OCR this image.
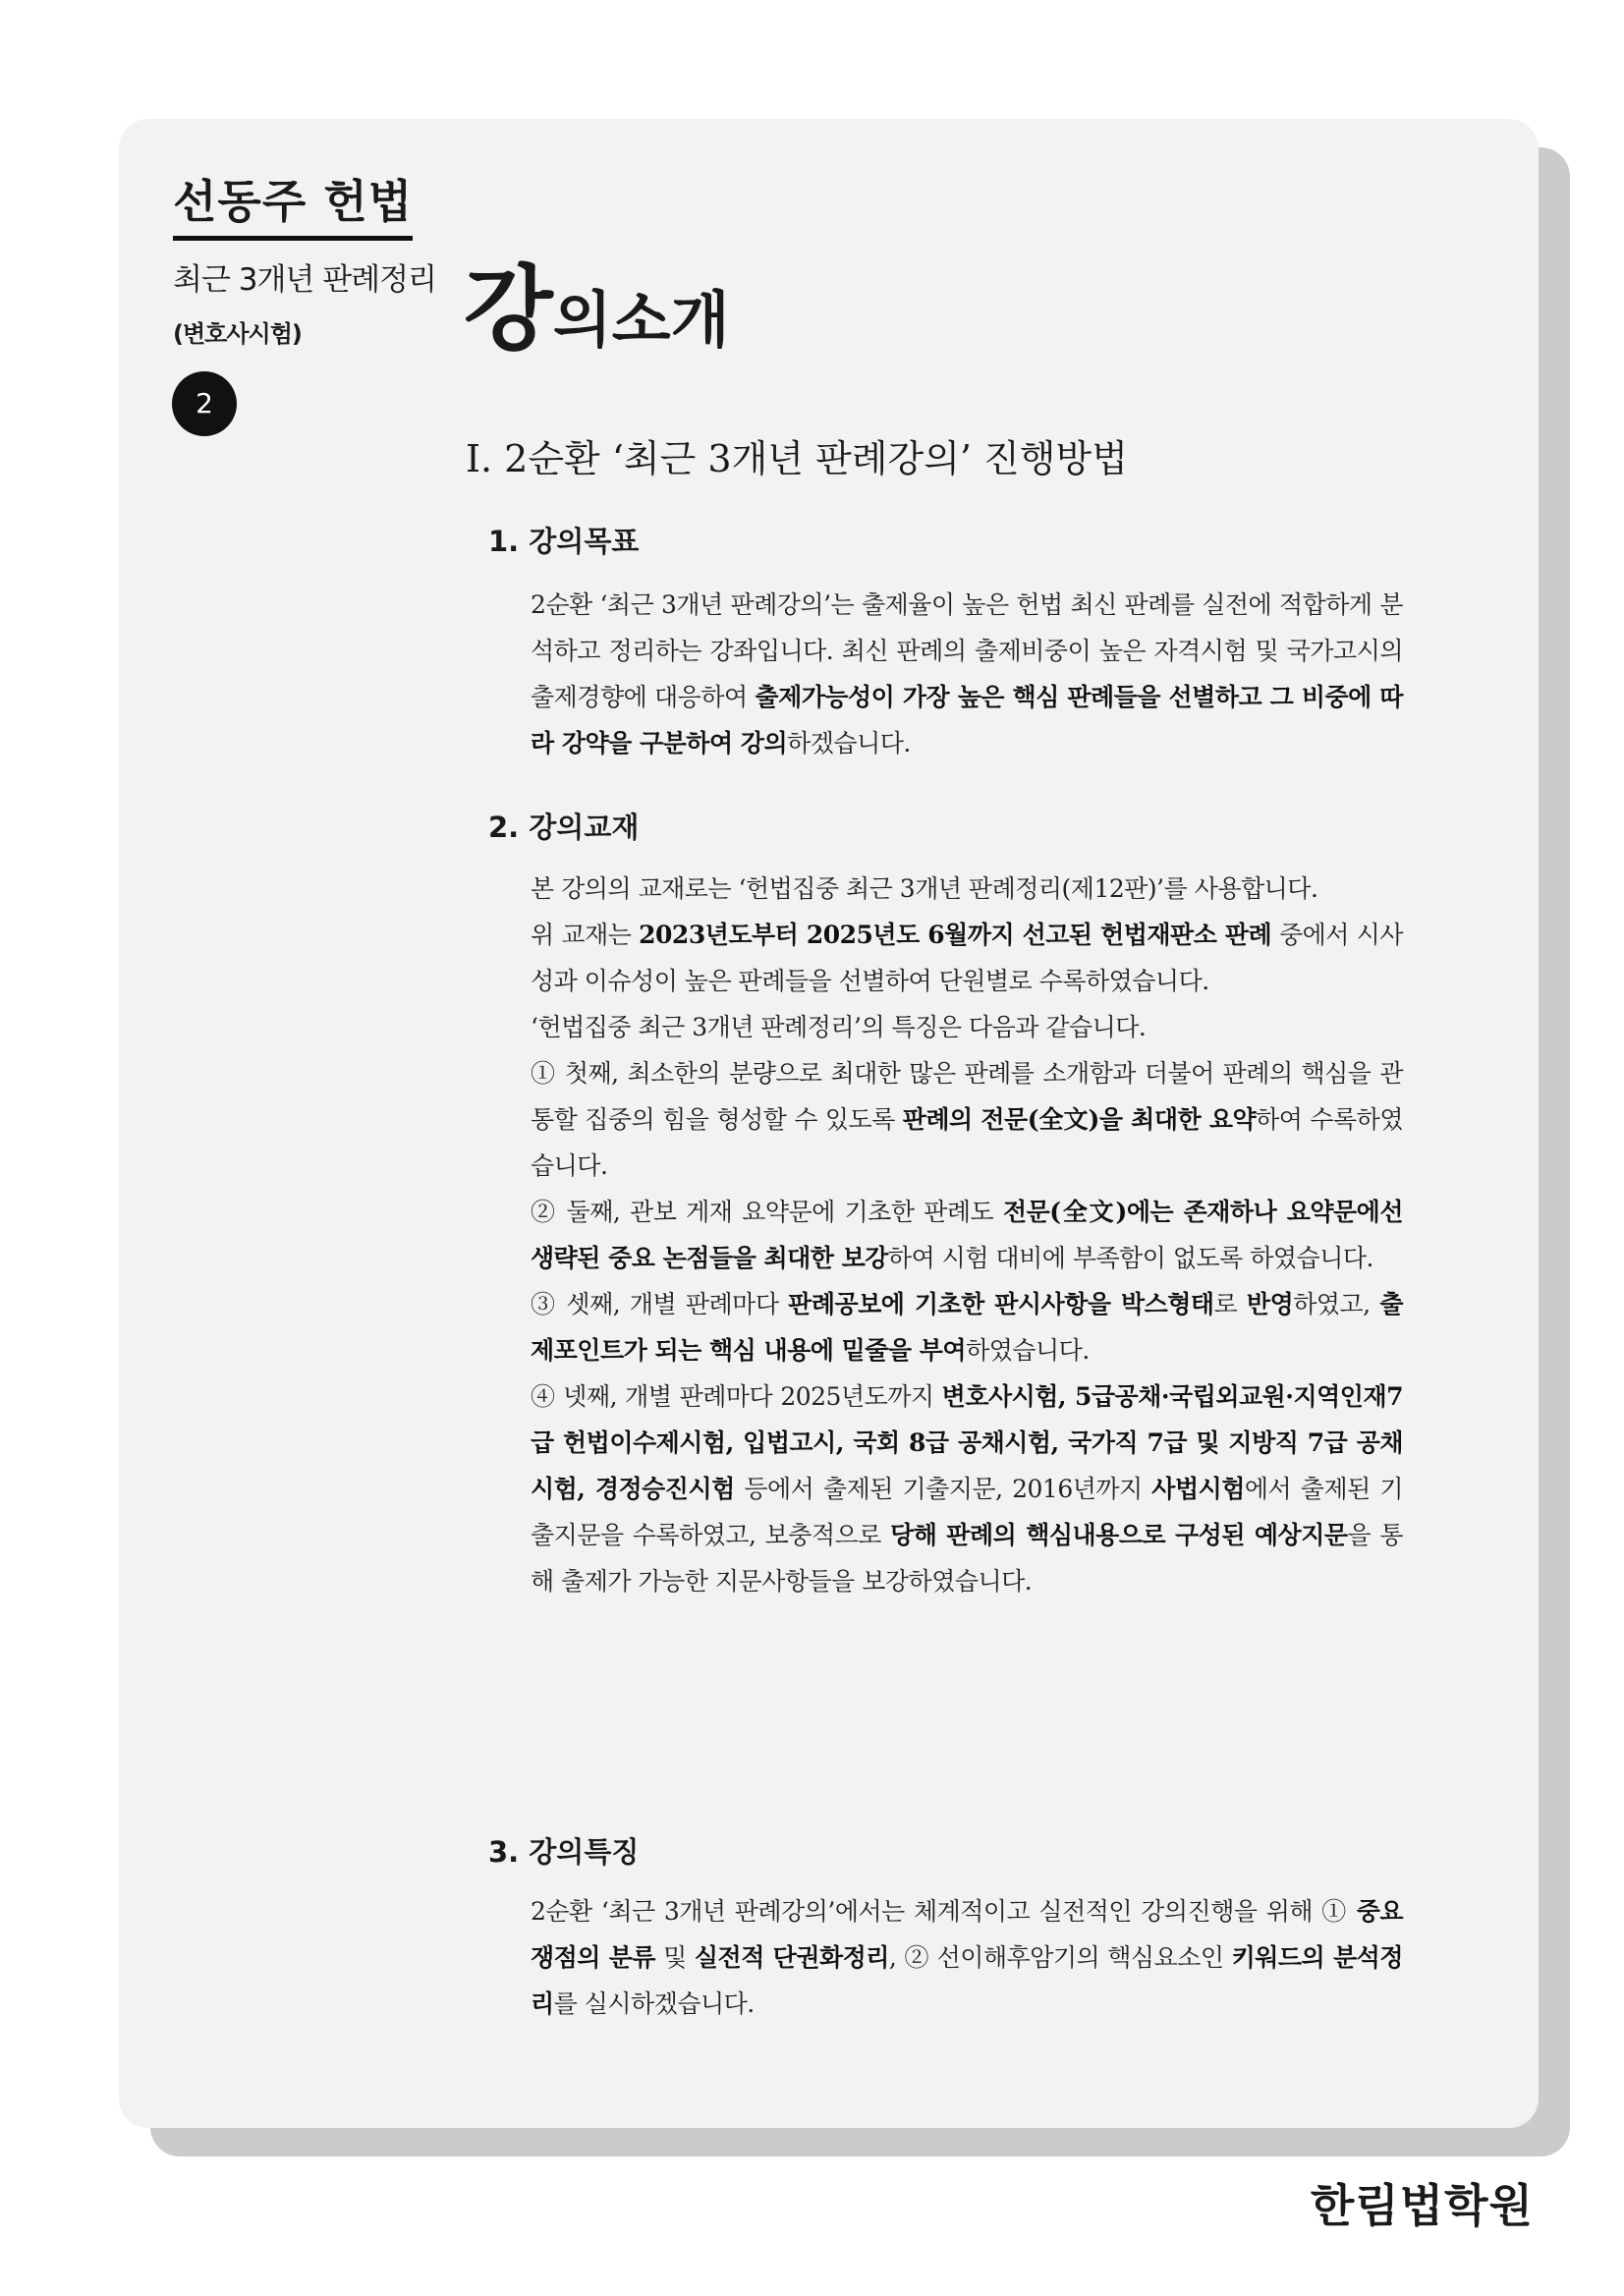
선동주 헌법
최근 3개년 판례정리
(변호사시험)
2
강의소개
Ⅰ. 2순환 ‘최근 3개년 판례강의’ 진행방법
1. 강의목표

2순환 ‘최근 3개년 판례강의’는 출제율이 높은 헌법 최신 판례를 실전에 적합하게 분석하고 정리하는 강좌입니다. 최신 판례의 출제비중이 높은 자격시험 및 국가고시의 출제경향에 대응하여 출제가능성이 가장 높은 핵심 판례들을 선별하고 그 비중에 따라 강약을 구분하여 강의하겠습니다.

2. 강의교재

본 강의의 교재로는 ‘헌법집중 최근 3개년 판례정리(제12판)’를 사용합니다.

위 교재는 2023년도부터 2025년도 6월까지 선고된 헌법재판소 판례 중에서 시사성과 이슈성이 높은 판례들을 선별하여 단원별로 수록하였습니다.

‘헌법집중 최근 3개년 판례정리’의 특징은 다음과 같습니다.

① 첫째, 최소한의 분량으로 최대한 많은 판례를 소개함과 더불어 판례의 핵심을 관통할 집중의 힘을 형성할 수 있도록 판례의 전문(全文)을 최대한 요약하여 수록하였습니다.

② 둘째, 관보 게재 요약문에 기초한 판례도 전문(全文)에는 존재하나 요약문에선 생략된 중요 논점들을 최대한 보강하여 시험 대비에 부족함이 없도록 하였습니다.

③ 셋째, 개별 판례마다 판례공보에 기초한 판시사항을 박스형태로 반영하였고, 출제포인트가 되는 핵심 내용에 밑줄을 부여하였습니다.

④ 넷째, 개별 판례마다 2025년도까지 변호사시험, 5급공채·국립외교원·지역인재7급 헌법이수제시험, 입법고시, 국회 8급 공채시험, 국가직 7급 및 지방직 7급 공채시험, 경정승진시험 등에서 출제된 기출지문, 2016년까지 사법시험에서 출제된 기출지문을 수록하였고, 보충적으로 당해 판례의 핵심내용으로 구성된 예상지문을 통해 출제가 가능한 지문사항들을 보강하였습니다.

3. 강의특징

2순환 ‘최근 3개년 판례강의’에서는 체계적이고 실전적인 강의진행을 위해 ① 중요쟁점의 분류 및 실전적 단권화정리, ② 선이해후암기의 핵심요소인 키워드의 분석정리를 실시하겠습니다.

한림법학원
